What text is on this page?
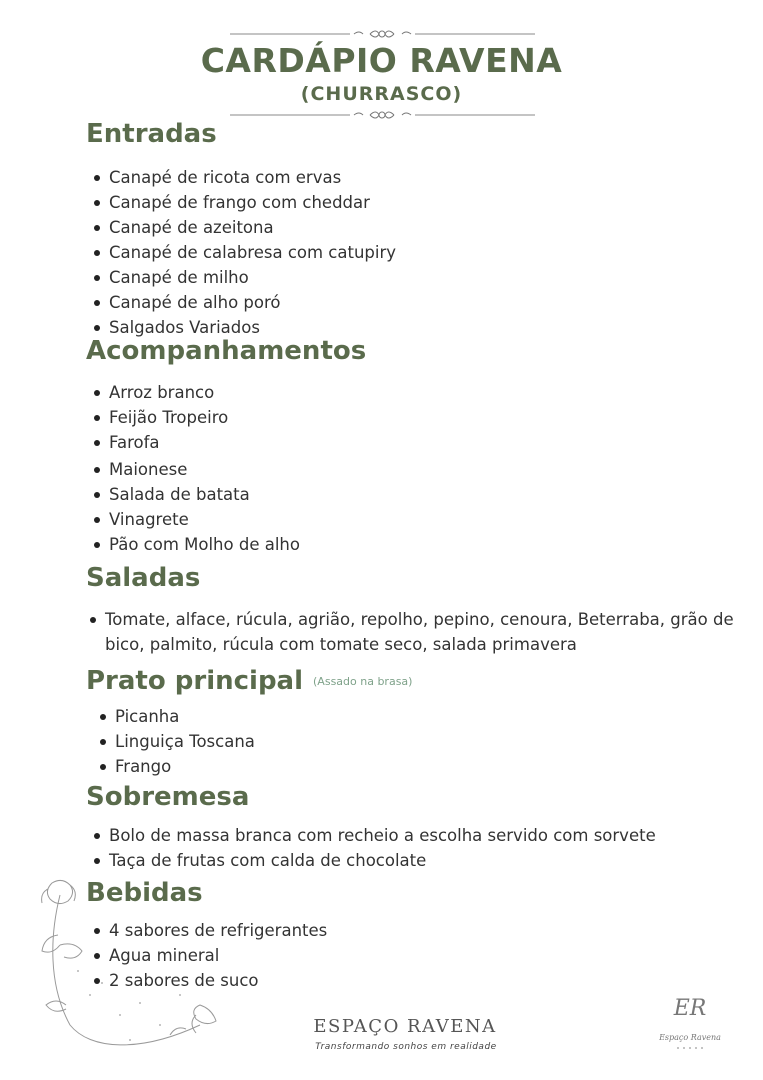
CARDÁPIO RAVENA
(CHURRASCO)
Entradas
Canapé de ricota com ervas
Canapé de frango com cheddar
Canapé de azeitona
Canapé de calabresa com catupiry
Canapé de milho
Canapé de alho poró
Salgados Variados
Acompanhamentos
Arroz branco
Feijão Tropeiro
Farofa
Maionese
Salada de batata
Vinagrete
Pão com Molho de alho
Saladas
Tomate, alface, rúcula, agrião, repolho, pepino, cenoura, Beterraba, grão de bico, palmito, rúcula com tomate seco, salada primavera
Prato principal (Assado na brasa)
Picanha
Linguiça Toscana
Frango
Sobremesa
Bolo de massa branca com recheio a escolha servido com sorvete
Taça de frutas com calda de chocolate
Bebidas
4 sabores de refrigerantes
Agua mineral
2 sabores de suco
ESPAÇO RAVENA
Transformando sonhos em realidade
ER
Espaço Ravena
